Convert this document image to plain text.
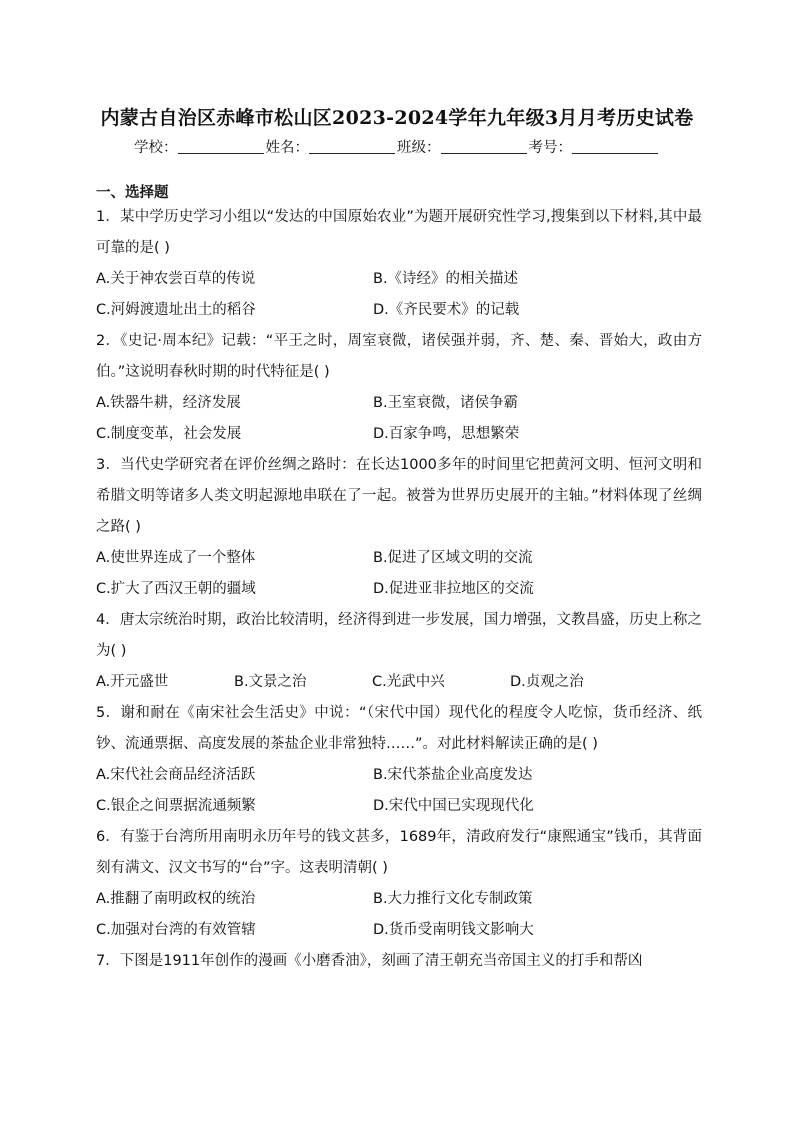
内蒙古自治区赤峰市松山区2023-2024学年九年级3月月考历史试卷
学校：	姓名：	班级：	考号：
一、选择题
1．某中学历史学习小组以“发达的中国原始农业”为题开展研究性学习,搜集到以下材料,其中最可靠的是( )
A.关于神农尝百草的传说	B.《诗经》的相关描述
C.河姆渡遗址出土的稻谷	D.《齐民要术》的记载
2．《史记·周本纪》记载：“平王之时，周室衰微，诸侯强并弱，齐、楚、秦、晋始大，政由方伯。”这说明春秋时期的时代特征是( )
A.铁器牛耕，经济发展	B.王室衰微，诸侯争霸
C.制度变革，社会发展	D.百家争鸣，思想繁荣
3．当代史学研究者在评价丝绸之路时：在长达1000多年的时间里它把黄河文明、恒河文明和希腊文明等诸多人类文明起源地串联在了一起。被誉为世界历史展开的主轴。”材料体现了丝绸之路( )
A.使世界连成了一个整体	B.促进了区域文明的交流
C.扩大了西汉王朝的疆域	D.促进亚非拉地区的交流
4．唐太宗统治时期，政治比较清明，经济得到进一步发展，国力增强，文教昌盛，历史上称之为( )
A.开元盛世	B.文景之治	C.光武中兴	D.贞观之治
5．谢和耐在《南宋社会生活史》中说：“（宋代中国）现代化的程度令人吃惊，货币经济、纸钞、流通票据、高度发展的茶盐企业非常独特……”。对此材料解读正确的是( )
A.宋代社会商品经济活跃	B.宋代茶盐企业高度发达
C.银企之间票据流通频繁	D.宋代中国已实现现代化
6．有鉴于台湾所用南明永历年号的钱文甚多，1689年，清政府发行“康熙通宝”钱币，其背面刻有满文、汉文书写的“台”字。这表明清朝( )
A.推翻了南明政权的统治	B.大力推行文化专制政策
C.加强对台湾的有效管辖	D.货币受南明钱文影响大
7．下图是1911年创作的漫画《小磨香油》，刻画了清王朝充当帝国主义的打手和帮凶
